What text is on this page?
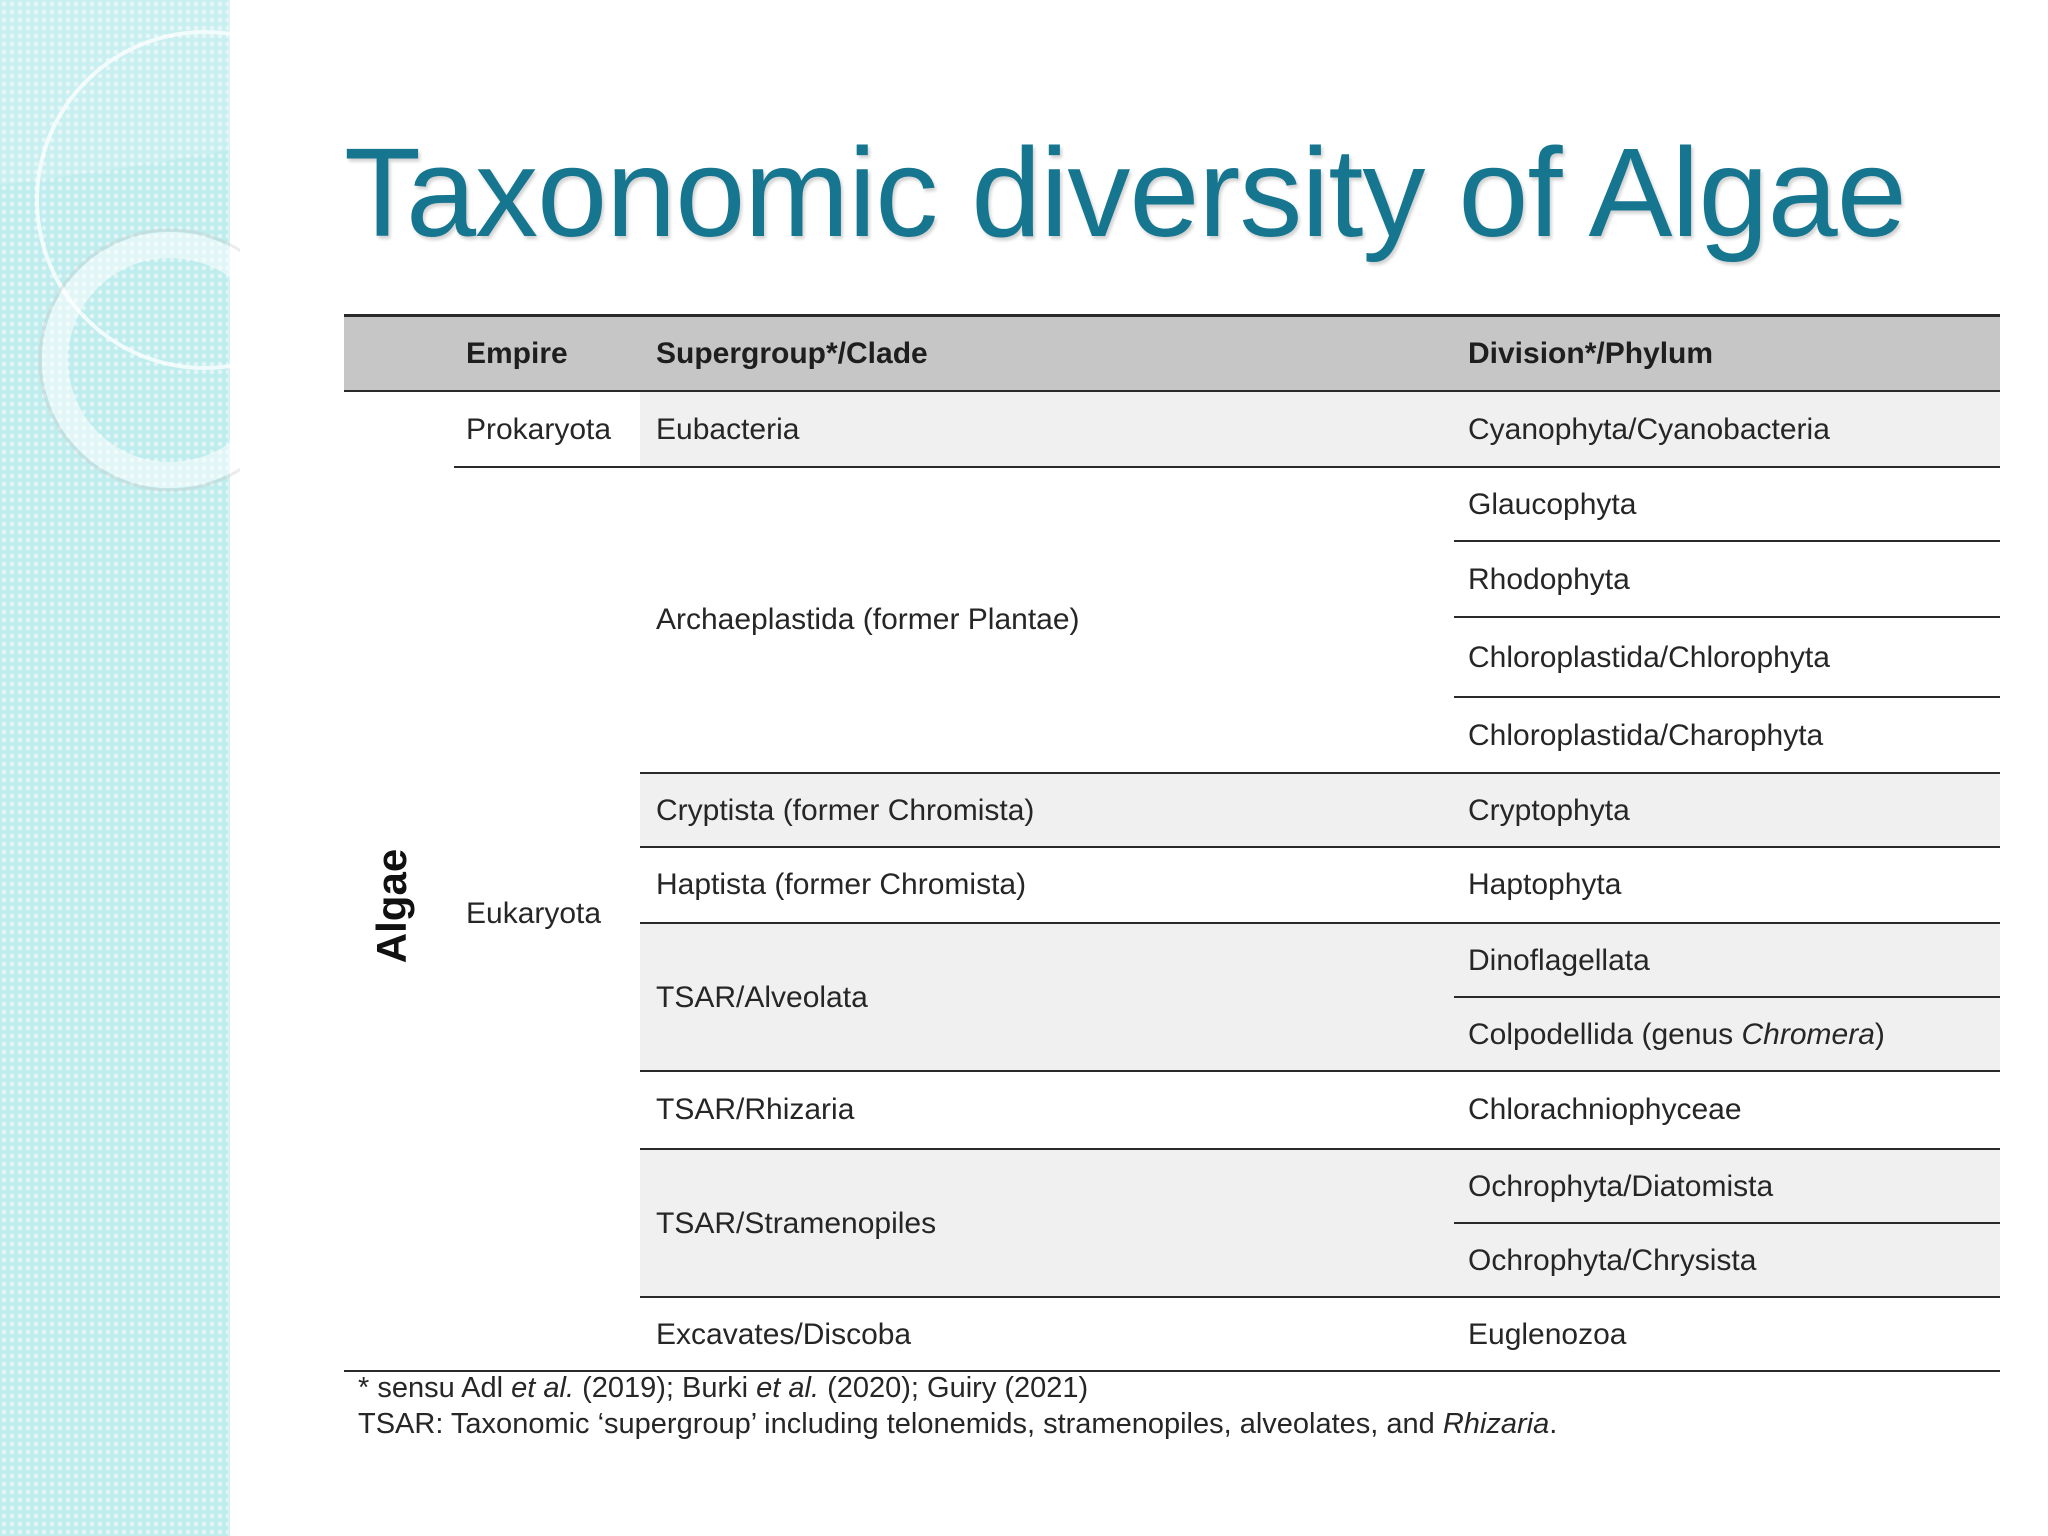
Taxonomic diversity of Algae
Empire	Supergroup*/Clade	Division*/Phylum
Algae
Prokaryota
Eukaryota
Eubacteria
Archaeplastida (former Plantae)
Cryptista (former Chromista)
Haptista (former Chromista)
TSAR/Alveolata
TSAR/Rhizaria
TSAR/Stramenopiles
Excavates/Discoba
Cyanophyta/Cyanobacteria
Glaucophyta
Rhodophyta
Chloroplastida/Chlorophyta
Chloroplastida/Charophyta
Cryptophyta
Haptophyta
Dinoflagellata
Colpodellida (genus Chromera )
Chlorachniophyceae
Ochrophyta/Diatomista
Ochrophyta/Chrysista
Euglenozoa
* sensu Adl et al. (2019); Burki et al. (2020); Guiry (2021)
TSAR: Taxonomic ‘supergroup’ including telonemids, stramenopiles, alveolates, and Rhizaria.
